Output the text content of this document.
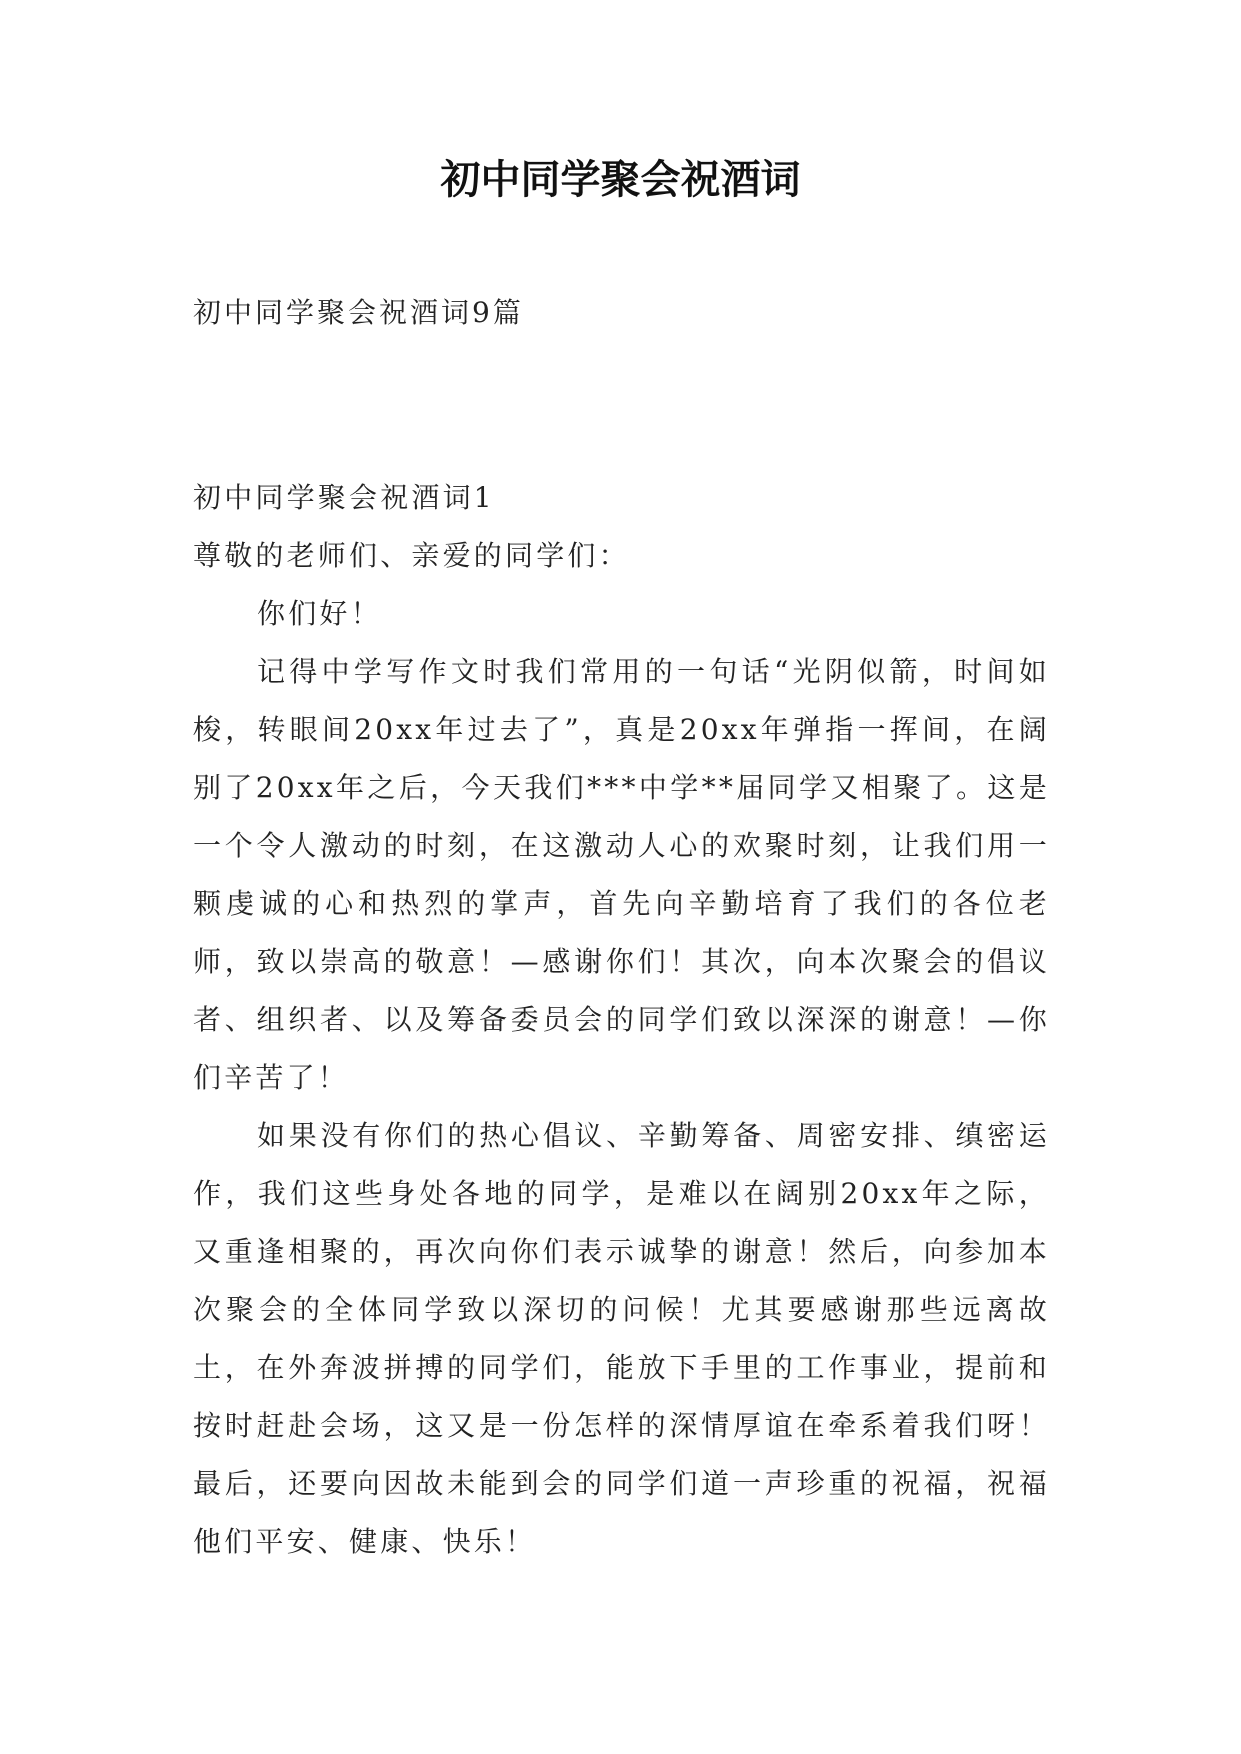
初中同学聚会祝酒词
初中同学聚会祝酒词9篇

初中同学聚会祝酒词1

尊敬的老师们、亲爱的同学们：

你们好！

记得中学写作文时我们常用的一句话“光阴似箭，时间如梭，转眼间20xx年过去了”，真是20xx年弹指一挥间，在阔别了20xx年之后，今天我们***中学**届同学又相聚了。这是一个令人激动的时刻，在这激动人心的欢聚时刻，让我们用一颗虔诚的心和热烈的掌声，首先向辛勤培育了我们的各位老师，致以崇高的敬意！—感谢你们！其次，向本次聚会的倡议者、组织者、以及筹备委员会的同学们致以深深的谢意！—你们辛苦了！

如果没有你们的热心倡议、辛勤筹备、周密安排、缜密运作，我们这些身处各地的同学，是难以在阔别20xx年之际，又重逢相聚的，再次向你们表示诚挚的谢意！然后，向参加本次聚会的全体同学致以深切的问候！尤其要感谢那些远离故土，在外奔波拼搏的同学们，能放下手里的工作事业，提前和按时赶赴会场，这又是一份怎样的深情厚谊在牵系着我们呀！最后，还要向因故未能到会的同学们道一声珍重的祝福，祝福他们平安、健康、快乐！
